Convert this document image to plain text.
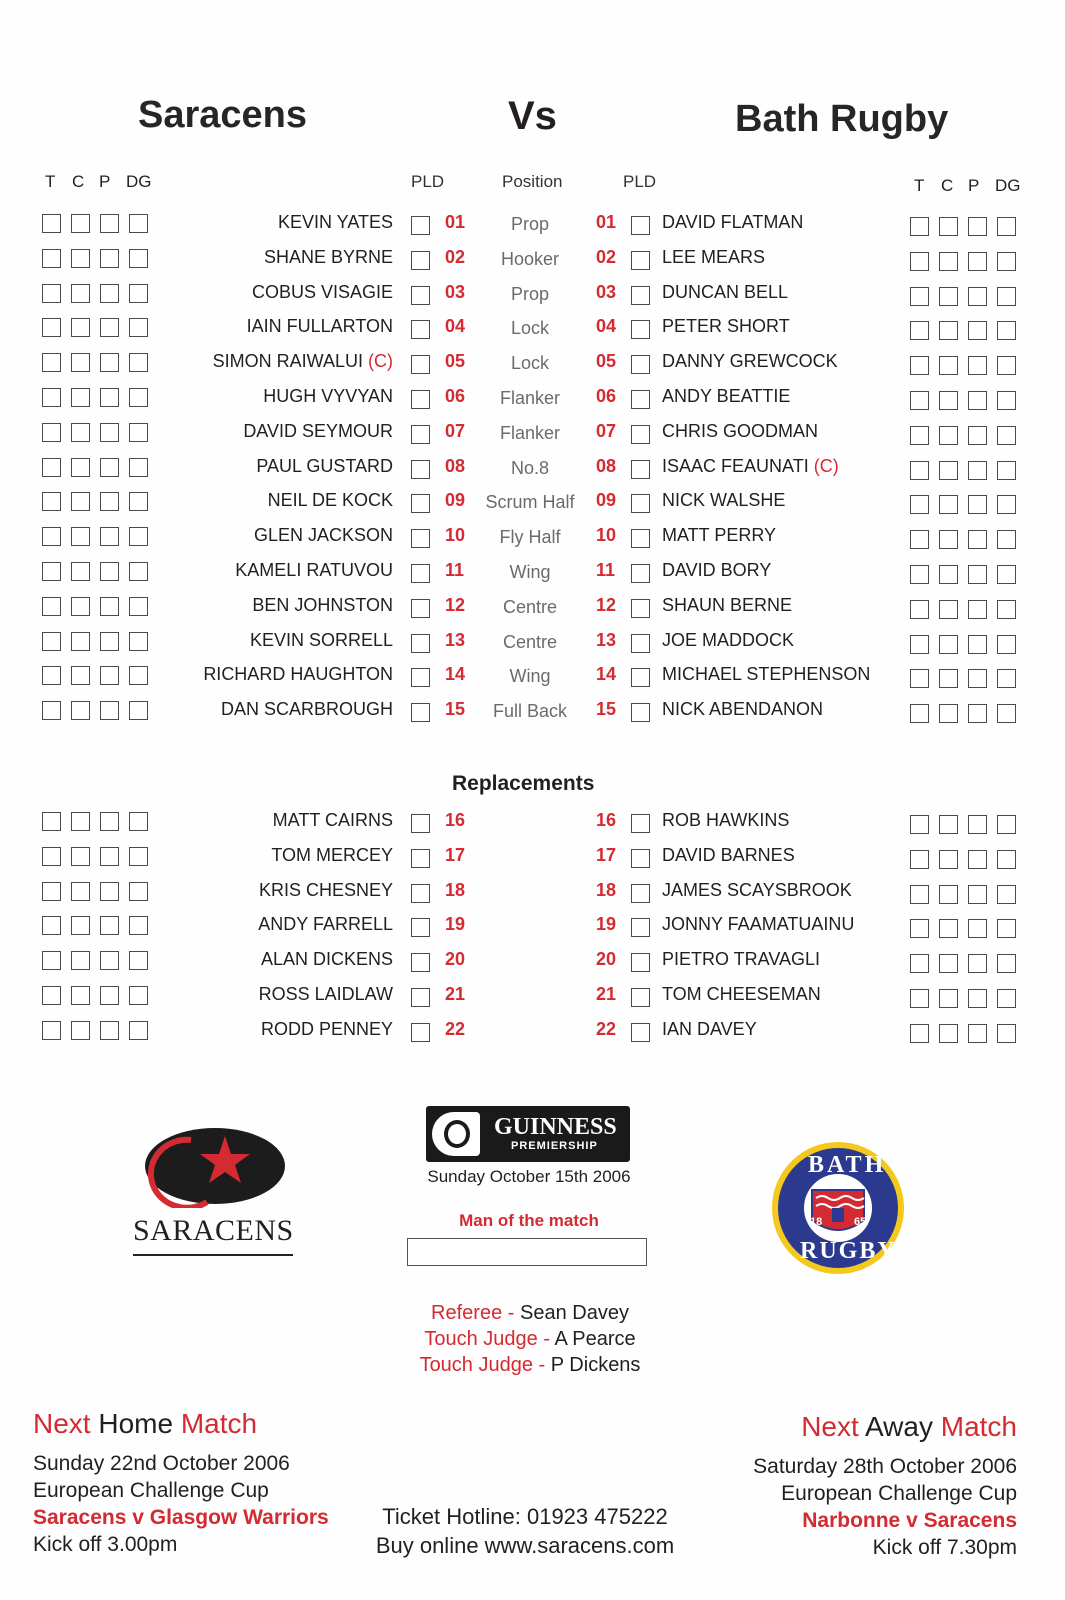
Saracens	Vs	Bath Rugby
T C P DG	PLD	Position	PLD	T C P DG
KEVIN YATES	01	Prop	01	DAVID FLATMAN
SHANE BYRNE	02	Hooker	02	LEE MEARS
COBUS VISAGIE	03	Prop	03	DUNCAN BELL
IAIN FULLARTON	04	Lock	04	PETER SHORT
SIMON RAIWALUI (C)	05	Lock	05	DANNY GREWCOCK
HUGH VYVYAN	06	Flanker	06	ANDY BEATTIE
DAVID SEYMOUR	07	Flanker	07	CHRIS GOODMAN
PAUL GUSTARD	08	No.8	08	ISAAC FEAUNATI (C)
NEIL DE KOCK	09	Scrum Half	09	NICK WALSHE
GLEN JACKSON	10	Fly Half	10	MATT PERRY
KAMELI RATUVOU	11	Wing	11	DAVID BORY
BEN JOHNSTON	12	Centre	12	SHAUN BERNE
KEVIN SORRELL	13	Centre	13	JOE MADDOCK
RICHARD HAUGHTON	14	Wing	14	MICHAEL STEPHENSON
DAN SCARBROUGH	15	Full Back	15	NICK ABENDANON
Replacements
MATT CAIRNS	16	16	ROB HAWKINS
TOM MERCEY	17	17	DAVID BARNES
KRIS CHESNEY	18	18	JAMES SCAYSBROOK
ANDY FARRELL	19	19	JONNY FAAMATUAINU
ALAN DICKENS	20	20	PIETRO TRAVAGLI
ROSS LAIDLAW	21	21	TOM CHEESEMAN
RODD PENNEY	22	22	IAN DAVEY
SARACENS
GUINNESS
PREMIERSHIP
Sunday October 15th 2006
Man of the match
Referee - Sean Davey
Touch Judge - A Pearce
Touch Judge - P Dickens
BATH
RUGBY
18	65
Next Home Match
Sunday 22nd October 2006
European Challenge Cup
Saracens v Glasgow Warriors
Kick off 3.00pm
Ticket Hotline: 01923 475222
Buy online www.saracens.com
Next Away Match
Saturday 28th October 2006
European Challenge Cup
Narbonne v Saracens
Kick off 7.30pm
